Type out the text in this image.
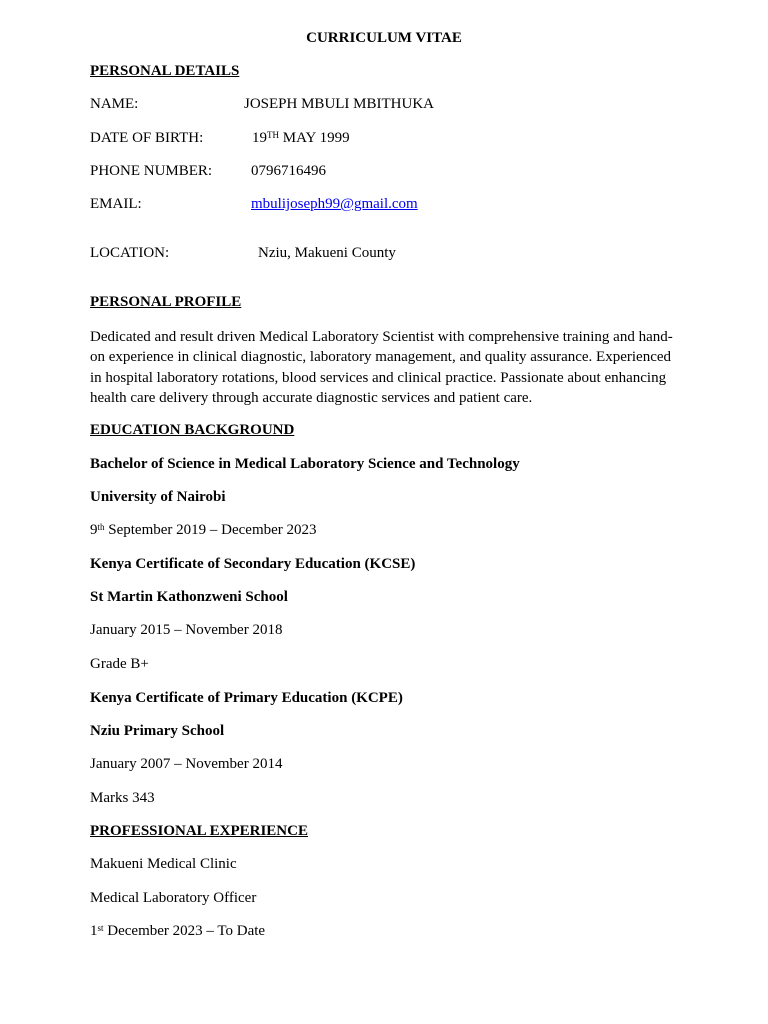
CURRICULUM VITAE
PERSONAL DETAILS
NAME:	JOSEPH MBULI MBITHUKA
DATE OF BIRTH:	19TH MAY 1999
PHONE NUMBER:	0796716496
EMAIL:	mbulijoseph99@gmail.com
LOCATION:	Nziu, Makueni County
PERSONAL PROFILE
Dedicated and result driven Medical Laboratory Scientist with comprehensive training and hand-on experience in clinical diagnostic, laboratory management, and quality assurance. Experienced in hospital laboratory rotations, blood services and clinical practice. Passionate about enhancing health care delivery through accurate diagnostic services and patient care.
EDUCATION BACKGROUND
Bachelor of Science in Medical Laboratory Science and Technology
University of Nairobi
9th September 2019 – December 2023
Kenya Certificate of Secondary Education (KCSE)
St Martin Kathonzweni School
January 2015 – November 2018
Grade B+
Kenya Certificate of Primary Education (KCPE)
Nziu Primary School
January 2007 – November 2014
Marks 343
PROFESSIONAL EXPERIENCE
Makueni Medical Clinic
Medical Laboratory Officer
1st December 2023 – To Date
